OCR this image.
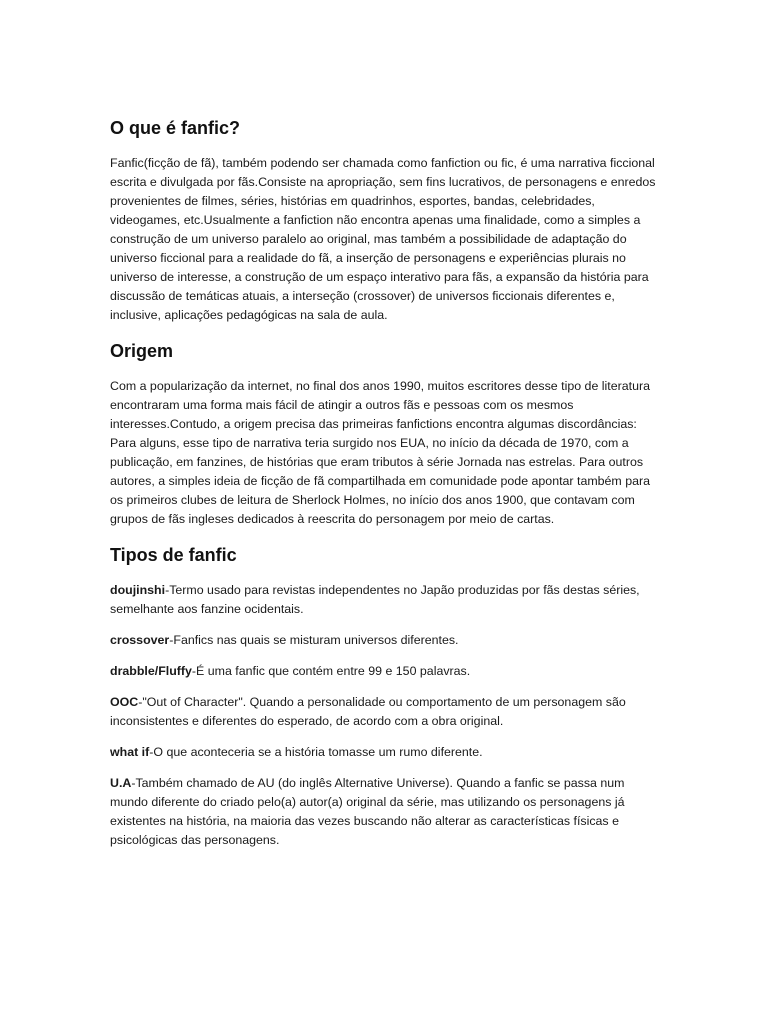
O que é fanfic?

Fanfic(ficção de fã), também podendo ser chamada como fanfiction ou fic, é uma narrativa ficcional escrita e divulgada por fãs.Consiste na apropriação, sem fins lucrativos, de personagens e enredos provenientes de filmes, séries, histórias em quadrinhos, esportes, bandas, celebridades, videogames, etc.Usualmente a fanfiction não encontra apenas uma finalidade, como a simples a construção de um universo paralelo ao original, mas também a possibilidade de adaptação do universo ficcional para a realidade do fã, a inserção de personagens e experiências plurais no universo de interesse, a construção de um espaço interativo para fãs, a expansão da história para discussão de temáticas atuais, a interseção (crossover) de universos ficcionais diferentes e, inclusive, aplicações pedagógicas na sala de aula.

Origem

Com a popularização da internet, no final dos anos 1990, muitos escritores desse tipo de literatura encontraram uma forma mais fácil de atingir a outros fãs e pessoas com os mesmos interesses.Contudo, a origem precisa das primeiras fanfictions encontra algumas discordâncias: Para alguns, esse tipo de narrativa teria surgido nos EUA, no início da década de 1970, com a publicação, em fanzines, de histórias que eram tributos à série Jornada nas estrelas. Para outros autores, a simples ideia de ficção de fã compartilhada em comunidade pode apontar também para os primeiros clubes de leitura de Sherlock Holmes, no início dos anos 1900, que contavam com grupos de fãs ingleses dedicados à reescrita do personagem por meio de cartas.

Tipos de fanfic

doujinshi-Termo usado para revistas independentes no Japão produzidas por fãs destas séries, semelhante aos fanzine ocidentais.

crossover-Fanfics nas quais se misturam universos diferentes.

drabble/Fluffy-É uma fanfic que contém entre 99 e 150 palavras.

OOC-"Out of Character". Quando a personalidade ou comportamento de um personagem são inconsistentes e diferentes do esperado, de acordo com a obra original.

what if-O que aconteceria se a história tomasse um rumo diferente.

U.A-Também chamado de AU (do inglês Alternative Universe). Quando a fanfic se passa num mundo diferente do criado pelo(a) autor(a) original da série, mas utilizando os personagens já existentes na história, na maioria das vezes buscando não alterar as características físicas e psicológicas das personagens.
